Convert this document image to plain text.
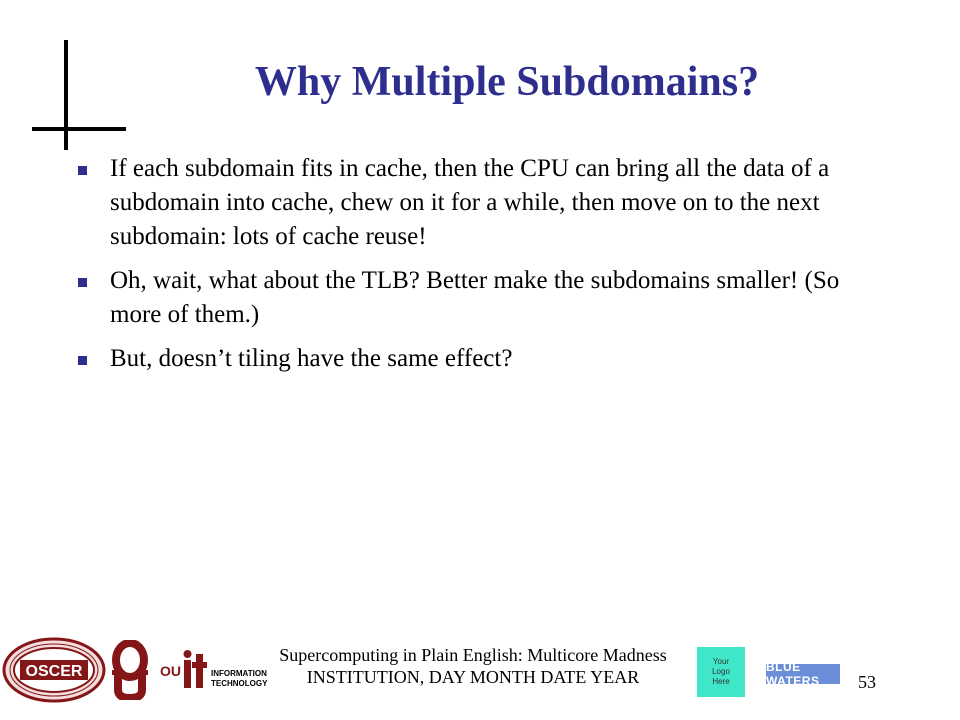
Why Multiple Subdomains?
If each subdomain fits in cache, then the CPU can bring all the data of a subdomain into cache, chew on it for a while, then move on to the next subdomain: lots of cache reuse!
Oh, wait, what about the TLB? Better make the subdomains smaller! (So more of them.)
But, doesn’t tiling have the same effect?
OSCER	OU	INFORMATION
TECHNOLOGY
Supercomputing in Plain English: Multicore Madness
INSTITUTION, DAY MONTH DATE YEAR
Your
Logo
Here
BLUE WATERS	53
